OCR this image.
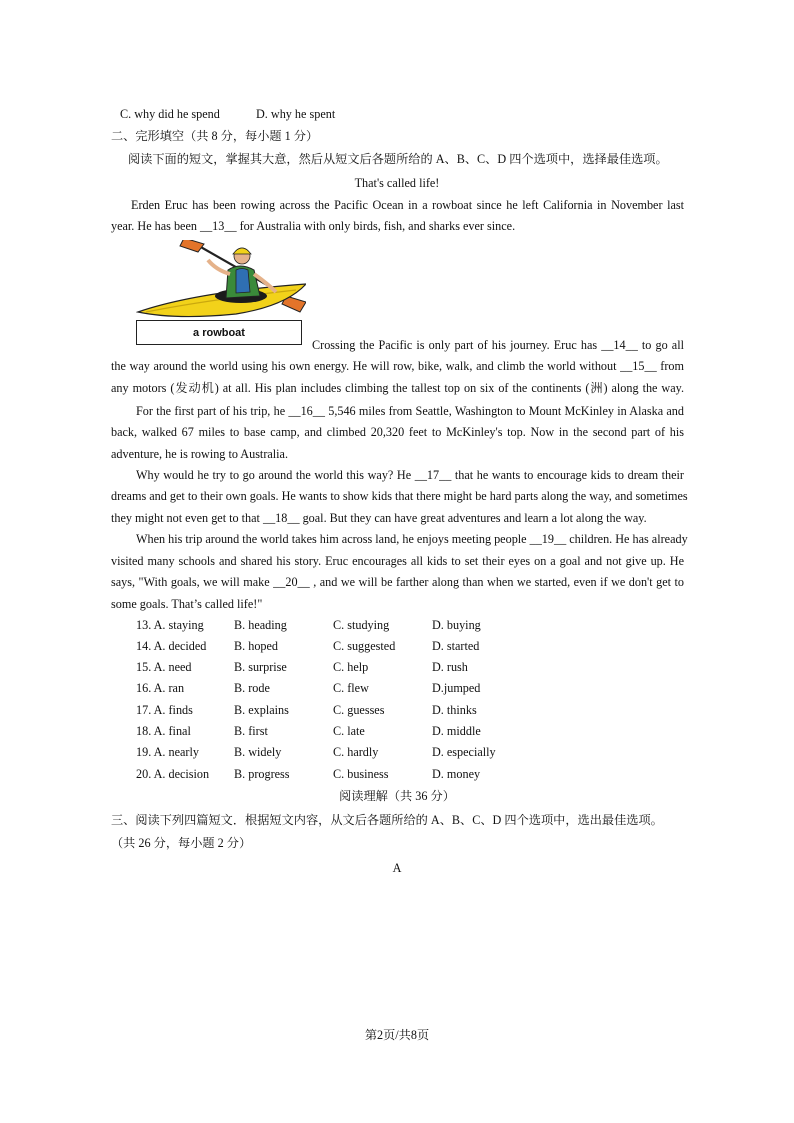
C. why did he spend	D. why he spent
二、完形填空（共 8 分，每小题 1 分）
阅读下面的短文，掌握其大意，然后从短文后各题所给的 A、B、C、D 四个选项中，选择最佳选项。
That's called life!
Erden Eruc has been rowing across the Pacific Ocean in a rowboat since he left California in November last
year. He has been __13__ for Australia with only birds, fish, and sharks ever since.
a rowboat
Crossing the Pacific is only part of his journey. Eruc has __14__ to go all
the way around the world using his own energy. He will row, bike, walk, and climb the world without __15__ from
any motors (发动机) at all. His plan includes climbing the tallest top on six of the continents (洲) along the way.
For the first part of his trip, he __16__ 5,546 miles from Seattle, Washington to Mount McKinley in Alaska and
back, walked 67 miles to base camp, and climbed 20,320 feet to McKinley's top. Now in the second part of his
adventure, he is rowing to Australia.
Why would he try to go around the world this way? He __17__ that he wants to encourage kids to dream their
dreams and get to their own goals. He wants to show kids that there might be hard parts along the way, and sometimes
they might not even get to that __18__ goal. But they can have great adventures and learn a lot along the way.
When his trip around the world takes him across land, he enjoys meeting people __19__ children. He has already
visited many schools and shared his story. Eruc encourages all kids to set their eyes on a goal and not give up. He
says, "With goals, we will make __20__ , and we will be farther along than when we started, even if we don't get to
some goals. That’s called life!"
13. A. staying B. heading	C. studying	D. buying
14. A. decided B. hoped	C. suggested	D. started
15. A. need	B. surprise	C. help	D. rush
16. A. ran	B. rode	C. flew	D.jumped
17. A. finds	B. explains	C. guesses	D. thinks
18. A. final	B. first	C. late	D. middle
19. A. nearly	B. widely	C. hardly	D. especially
20. A. decision B. progress	C. business	D. money
阅读理解（共 36 分）
三、阅读下列四篇短文．根据短文内容，从文后各题所给的 A、B、C、D 四个选项中，选出最佳选项。
（共 26 分，每小题 2 分）
A
第2页/共8页
